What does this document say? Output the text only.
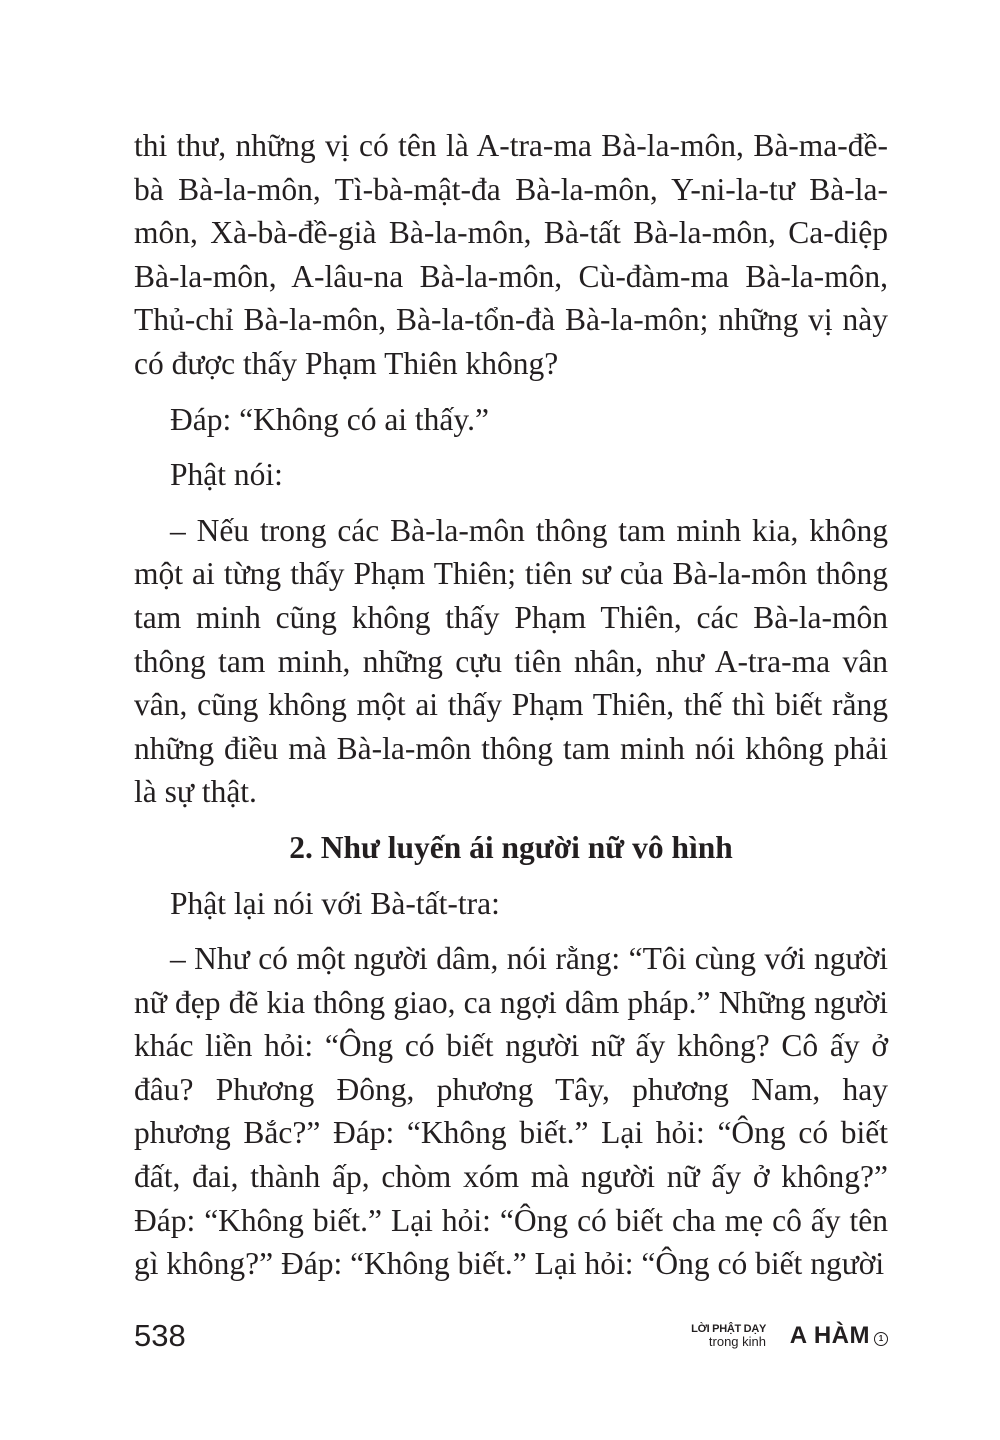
thi thư, những vị có tên là A-tra-ma Bà-la-môn, Bà-ma-đề-bà Bà-la-môn, Tì-bà-mật-đa Bà-la-môn, Y-ni-la-tư Bà-la-môn, Xà-bà-đề-già Bà-la-môn, Bà-tất Bà-la-môn, Ca-diệp Bà-la-môn, A-lâu-na Bà-la-môn, Cù-đàm-ma Bà-la-môn, Thủ-chỉ Bà-la-môn, Bà-la-tổn-đà Bà-la-môn; những vị này có được thấy Phạm Thiên không?

Đáp: “Không có ai thấy.”

Phật nói:

– Nếu trong các Bà-la-môn thông tam minh kia, không một ai từng thấy Phạm Thiên; tiên sư của Bà-la-môn thông tam minh cũng không thấy Phạm Thiên, các Bà-la-môn thông tam minh, những cựu tiên nhân, như A-tra-ma vân vân, cũng không một ai thấy Phạm Thiên, thế thì biết rằng những điều mà Bà-la-môn thông tam minh nói không phải là sự thật.

2. Như luyến ái người nữ vô hình

Phật lại nói với Bà-tất-tra:

– Như có một người dâm, nói rằng: “Tôi cùng với người nữ đẹp đẽ kia thông giao, ca ngợi dâm pháp.” Những người khác liền hỏi: “Ông có biết người nữ ấy không? Cô ấy ở đâu? Phương Đông, phương Tây, phương Nam, hay phương Bắc?” Đáp: “Không biết.” Lại hỏi: “Ông có biết đất, đai, thành ấp, chòm xóm mà người nữ ấy ở không?” Đáp: “Không biết.” Lại hỏi: “Ông có biết cha mẹ cô ấy tên gì không?” Đáp: “Không biết.” Lại hỏi: “Ông có biết người

538	LỜI PHẬT DẠY
trong kinh A HÀM	1
